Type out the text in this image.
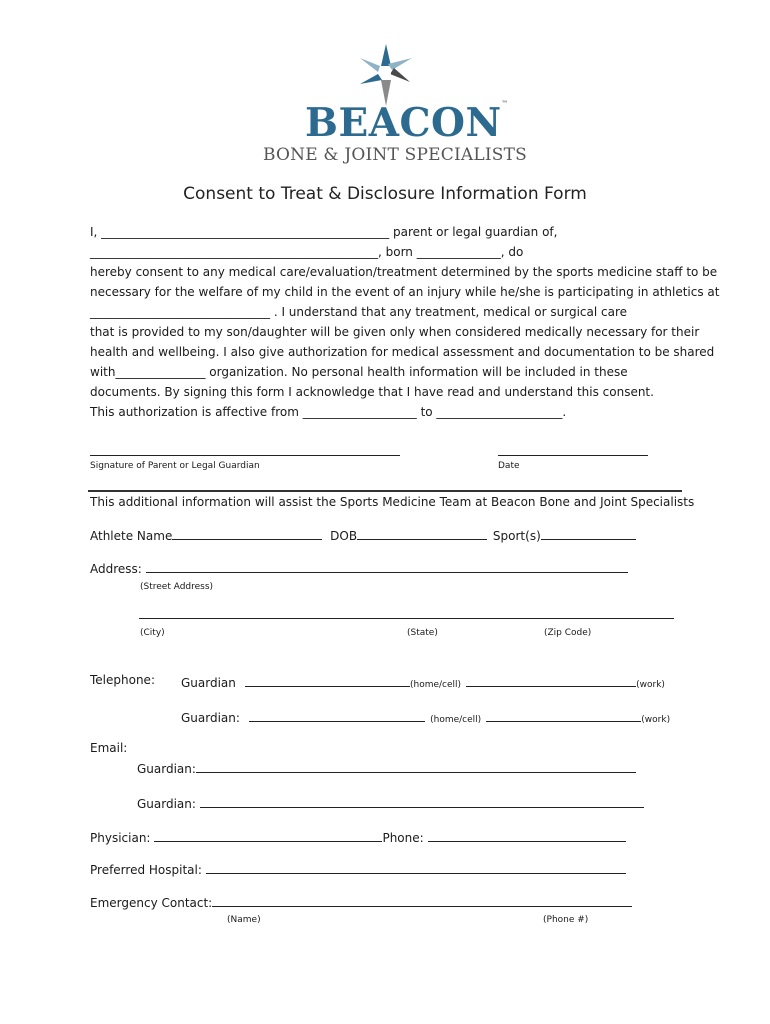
BEACON™
BONE & JOINT SPECIALISTS
Consent to Treat & Disclosure Information Form
I, ________________________________________________ parent or legal guardian of,
________________________________________________, born ______________, do
hereby consent to any medical care/evaluation/treatment determined by the sports medicine staff to be
necessary for the welfare of my child in the event of an injury while he/she is participating in athletics at
______________________________ . I understand that any treatment, medical or surgical care
that is provided to my son/daughter will be given only when considered medically necessary for their
health and wellbeing. I also give authorization for medical assessment and documentation to be shared
with_______________ organization. No personal health information will be included in these
documents. By signing this form I acknowledge that I have read and understand this consent.
This authorization is affective from ___________________ to _____________________.
Signature of Parent or Legal Guardian	Date
This additional information will assist the Sports Medicine Team at Beacon Bone and Joint Specialists
Athlete Name	DOB	Sport(s)
Address:
(Street Address)
(City)	(State)	(Zip Code)
Telephone: Guardian	(home/cell)	(work)
Guardian:	(home/cell)	(work)
Email:
Guardian:
Guardian:
Physician:	Phone:
Preferred Hospital:
Emergency Contact:
(Name)	(Phone #)
